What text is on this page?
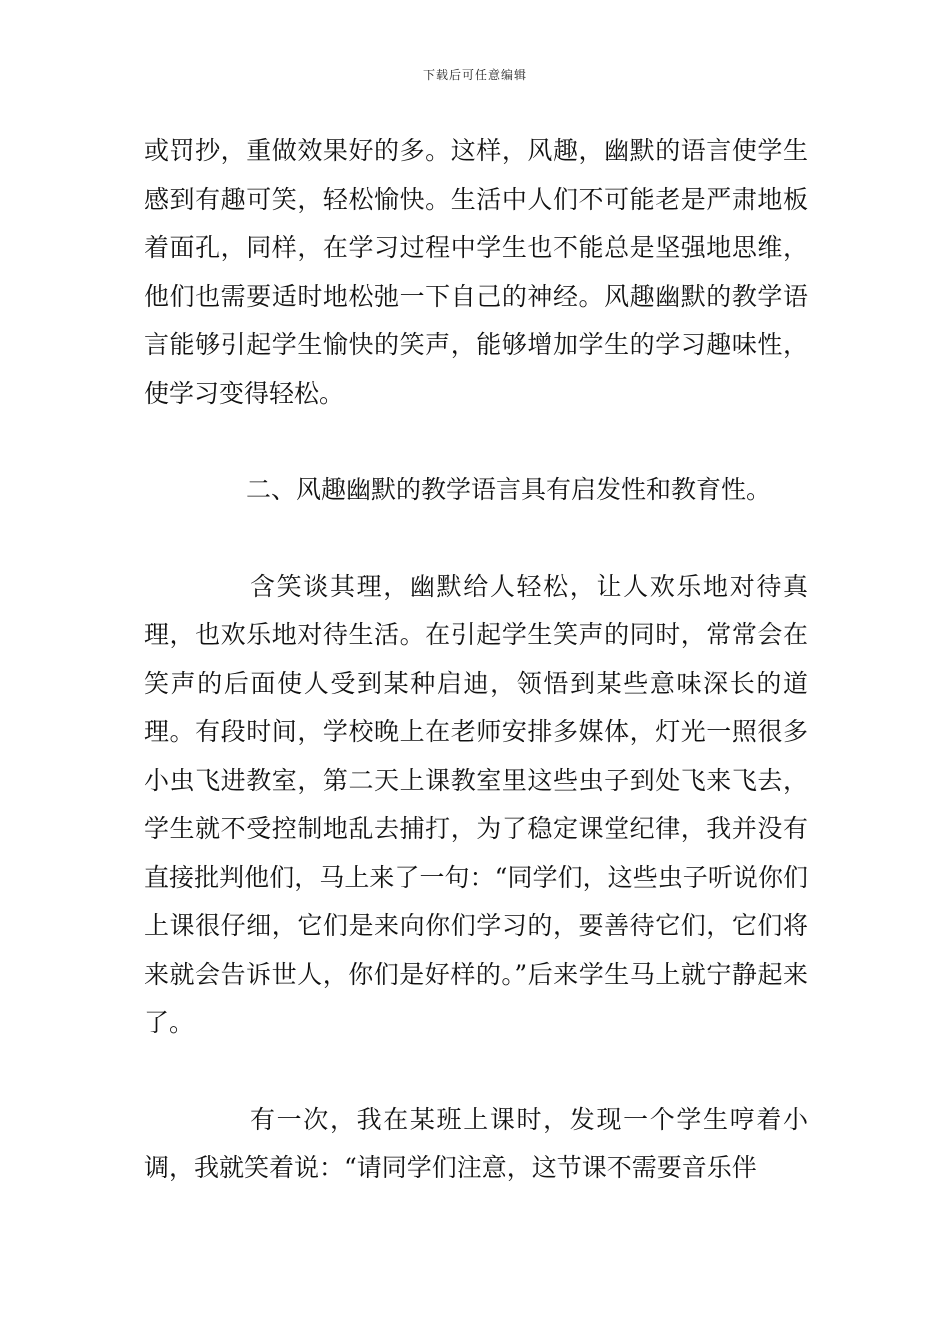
下载后可任意编辑

或罚抄，重做效果好的多。这样，风趣，幽默的语言使学生感到有趣可笑，轻松愉快。生活中人们不可能老是严肃地板着面孔，同样，在学习过程中学生也不能总是坚强地思维，他们也需要适时地松弛一下自己的神经。风趣幽默的教学语言能够引起学生愉快的笑声，能够增加学生的学习趣味性，使学习变得轻松。

二、风趣幽默的教学语言具有启发性和教育性。

含笑谈其理，幽默给人轻松，让人欢乐地对待真理，也欢乐地对待生活。在引起学生笑声的同时，常常会在笑声的后面使人受到某种启迪，领悟到某些意味深长的道理。有段时间，学校晚上在老师安排多媒体，灯光一照很多小虫飞进教室，第二天上课教室里这些虫子到处飞来飞去，学生就不受控制地乱去捕打，为了稳定课堂纪律，我并没有直接批判他们，马上来了一句：“同学们，这些虫子听说你们上课很仔细，它们是来向你们学习的，要善待它们，它们将来就会告诉世人，你们是好样的。”后来学生马上就宁静起来了。

有一次，我在某班上课时，发现一个学生哼着小调，我就笑着说：“请同学们注意，这节课不需要音乐伴
